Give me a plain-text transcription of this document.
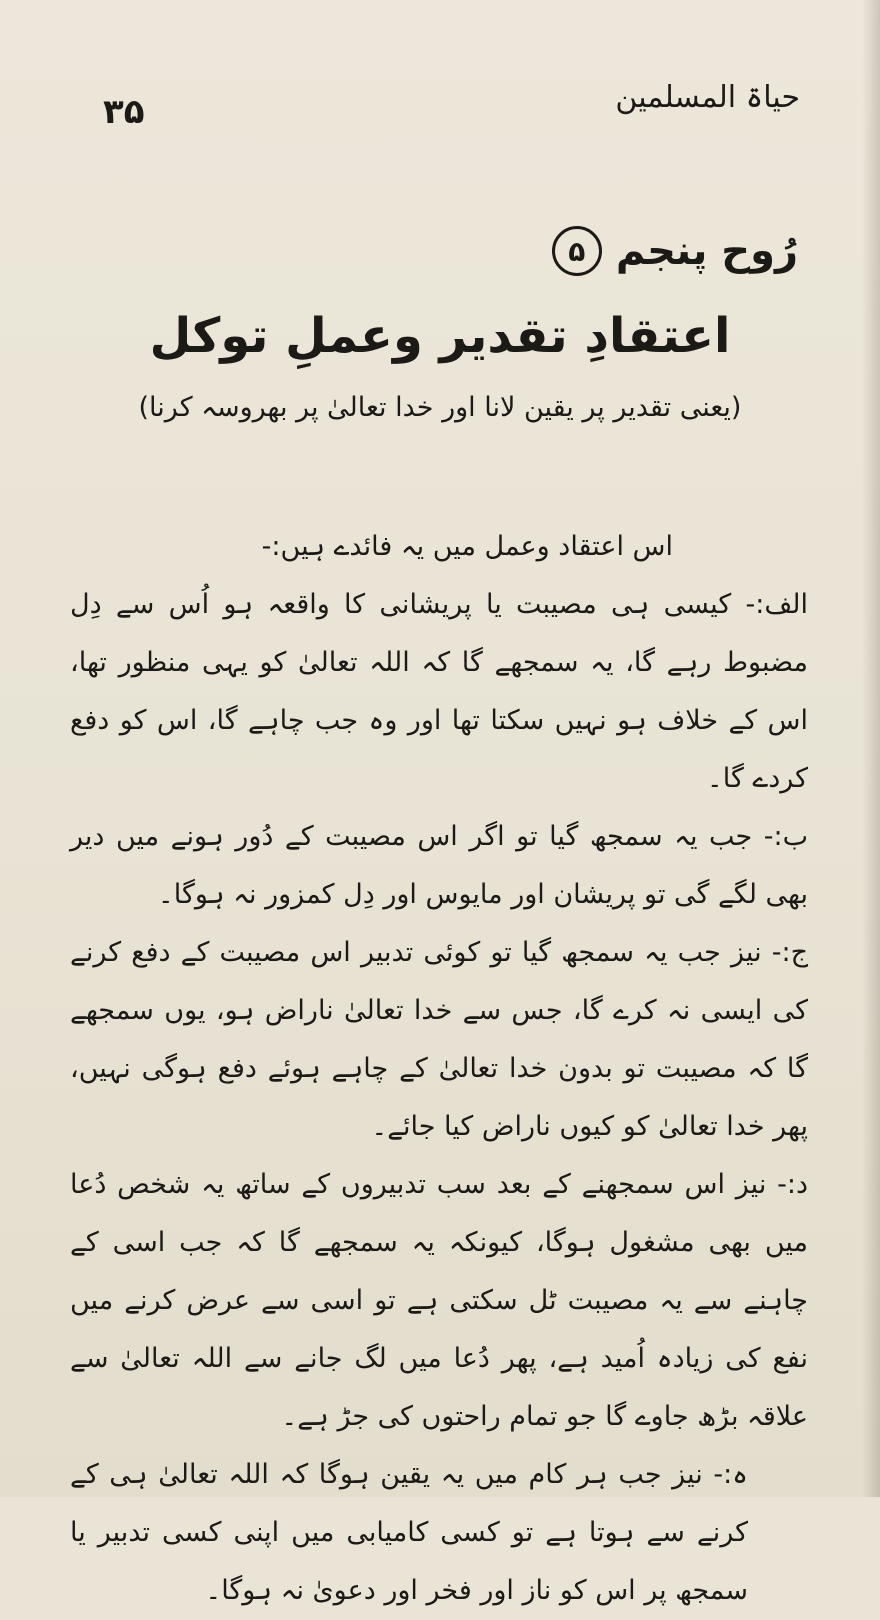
۳۵	حیاۃ المسلمین
رُوح پنجم
۵
اعتقادِ تقدیر وعملِ توکل
(یعنی تقدیر پر یقین لانا اور خدا تعالیٰ پر بھروسہ کرنا)

اس اعتقاد وعمل میں یہ فائدے ہیں:-

الف:- کیسی ہی مصیبت یا پریشانی کا واقعہ ہو اُس سے دِل مضبوط رہے گا، یہ سمجھے گا کہ اللہ تعالیٰ کو یہی منظور تھا، اس کے خلاف ہو نہیں سکتا تھا اور وہ جب چاہے گا، اس کو دفع کردے گا۔

ب:- جب یہ سمجھ گیا تو اگر اس مصیبت کے دُور ہونے میں دیر بھی لگے گی تو پریشان اور مایوس اور دِل کمزور نہ ہوگا۔

ج:- نیز جب یہ سمجھ گیا تو کوئی تدبیر اس مصیبت کے دفع کرنے کی ایسی نہ کرے گا، جس سے خدا تعالیٰ ناراض ہو، یوں سمجھے گا کہ مصیبت تو بدون خدا تعالیٰ کے چاہے ہوئے دفع ہوگی نہیں، پھر خدا تعالیٰ کو کیوں ناراض کیا جائے۔

د:- نیز اس سمجھنے کے بعد سب تدبیروں کے ساتھ یہ شخص دُعا میں بھی مشغول ہوگا، کیونکہ یہ سمجھے گا کہ جب اسی کے چاہنے سے یہ مصیبت ٹل سکتی ہے تو اسی سے عرض کرنے میں نفع کی زیادہ اُمید ہے، پھر دُعا میں لگ جانے سے اللہ تعالیٰ سے علاقہ بڑھ جاوے گا جو تمام راحتوں کی جڑ ہے۔

ہ:- نیز جب ہر کام میں یہ یقین ہوگا کہ اللہ تعالیٰ ہی کے کرنے سے ہوتا ہے تو کسی کامیابی میں اپنی کسی تدبیر یا سمجھ پر اس کو ناز اور فخر اور دعویٰ نہ ہوگا۔
